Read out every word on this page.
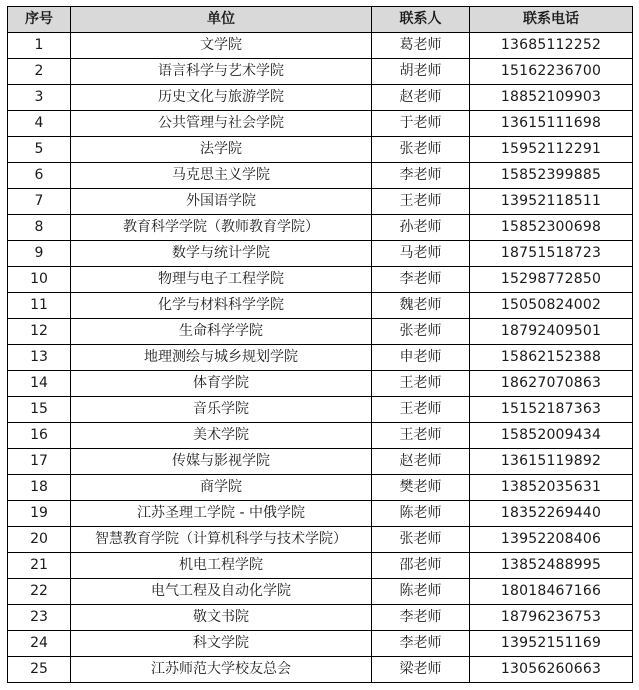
序号	单位	联系人	联系电话
1	文学院	葛老师	13685112252
2	语言科学与艺术学院	胡老师	15162236700
3	历史文化与旅游学院	赵老师	18852109903
4	公共管理与社会学院	于老师	13615111698
5	法学院	张老师	15952112291
6	马克思主义学院	李老师	15852399885
7	外国语学院	王老师	13952118511
8	教育科学学院（教师教育学院）	孙老师	15852300698
9	数学与统计学院	马老师	18751518723
10	物理与电子工程学院	李老师	15298772850
11	化学与材料科学学院	魏老师	15050824002
12	生命科学学院	张老师	18792409501
13	地理测绘与城乡规划学院	申老师	15862152388
14	体育学院	王老师	18627070863
15	音乐学院	王老师	15152187363
16	美术学院	王老师	15852009434
17	传媒与影视学院	赵老师	13615119892
18	商学院	樊老师	13852035631
19	江苏圣理工学院 - 中俄学院	陈老师	18352269440
20	智慧教育学院（计算机科学与技术学院）	张老师	13952208406
21	机电工程学院	邵老师	13852488995
22	电气工程及自动化学院	陈老师	18018467166
23	敬文书院	李老师	18796236753
24	科文学院	李老师	13952151169
25	江苏师范大学校友总会	梁老师	13056260663
